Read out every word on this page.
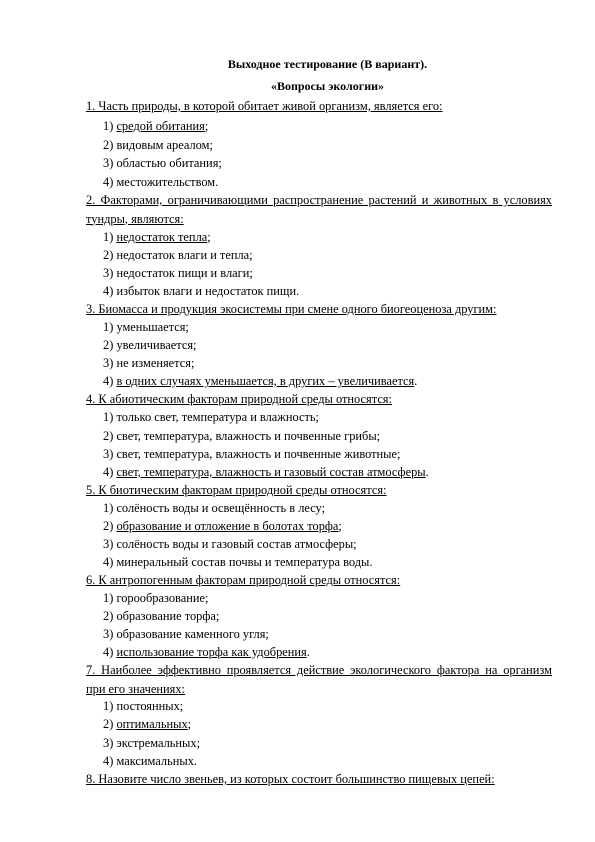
Выходное тестирование (В вариант).
«Вопросы экологии»
1. Часть природы, в которой обитает живой организм, является его:
1) средой обитания;
2) видовым ареалом;
3) областью обитания;
4) местожительством.
2. Факторами, ограничивающими распространение растений и животных в условиях тундры, являются:
1) недостаток тепла;
2) недостаток влаги и тепла;
3) недостаток пищи и влаги;
4) избыток влаги и недостаток пищи.
3. Биомасса и продукция экосистемы при смене одного биогеоценоза другим:
1) уменьшается;
2) увеличивается;
3) не изменяется;
4) в одних случаях уменьшается, в других – увеличивается.
4. К абиотическим факторам природной среды относятся:
1) только свет, температура и влажность;
2) свет, температура, влажность и почвенные грибы;
3) свет, температура, влажность и почвенные животные;
4) свет, температура, влажность и газовый состав атмосферы.
5. К биотическим факторам природной среды относятся:
1) солёность воды и освещённость в лесу;
2) образование и отложение в болотах торфа;
3) солёность воды и газовый состав атмосферы;
4) минеральный состав почвы и температура воды.
6. К антропогенным факторам природной среды относятся:
1) горообразование;
2) образование торфа;
3) образование каменного угля;
4) использование торфа как удобрения.
7. Наиболее эффективно проявляется действие экологического фактора на организм при его значениях:
1) постоянных;
2) оптимальных;
3) экстремальных;
4) максимальных.
8. Назовите число звеньев, из которых состоит большинство пищевых цепей:
